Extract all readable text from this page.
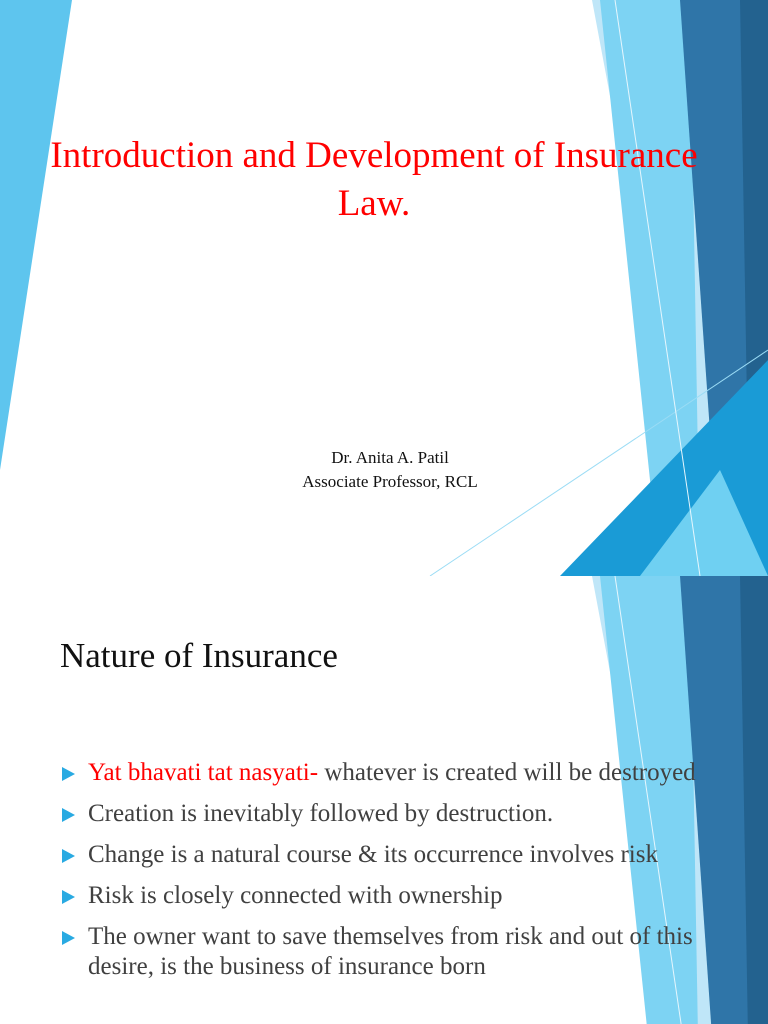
Introduction and Development of Insurance Law.
Dr. Anita A. Patil
Associate Professor, RCL
Nature of Insurance
Yat bhavati tat nasyati- whatever is created will be destroyed
Creation is inevitably followed by destruction.
Change is a natural course & its occurrence involves risk
Risk is closely connected with ownership
The owner want to save themselves from risk and out of this desire, is the business of insurance born
